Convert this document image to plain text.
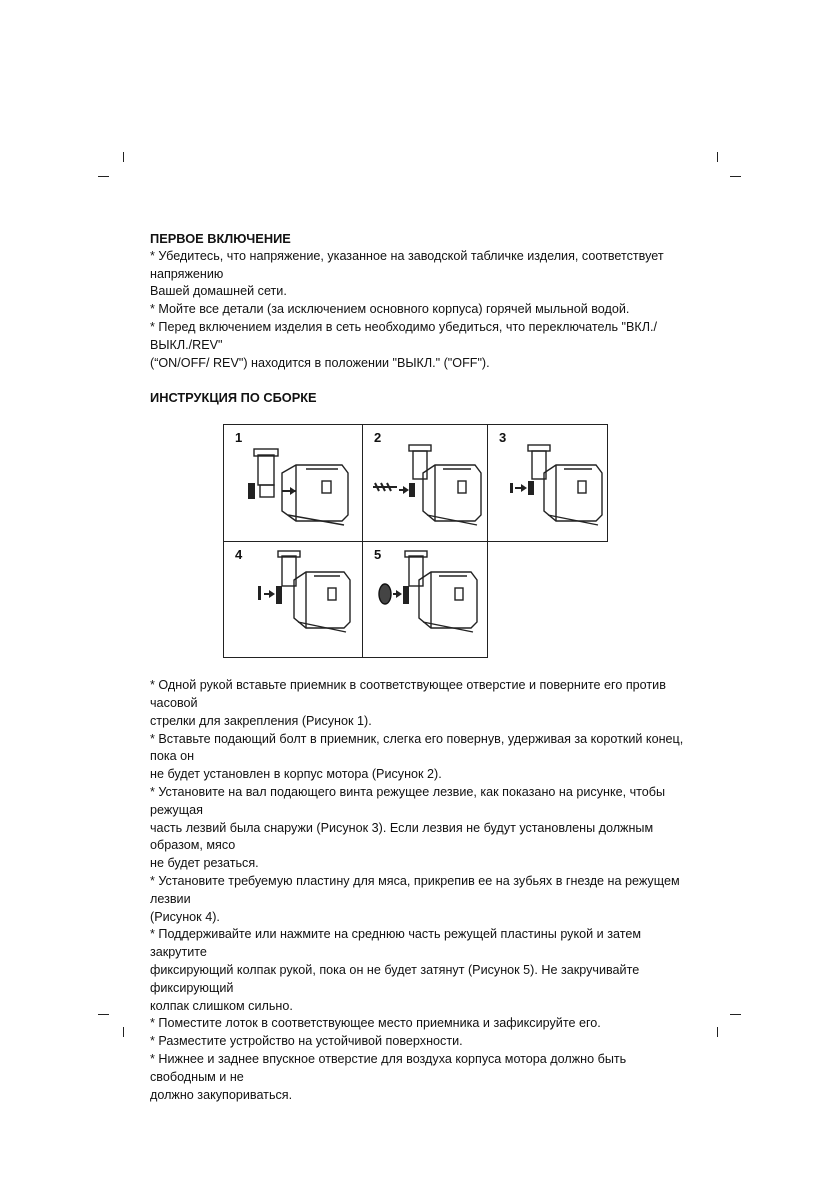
ПЕРВОЕ ВКЛЮЧЕНИЕ

* Убедитесь, что напряжение, указанное на заводской табличке изделия, соответствует напряжению

Вашей домашней сети.

* Мойте все детали (за исключением основного корпуса) горячей мыльной водой.

* Перед включением изделия в сеть необходимо убедиться, что переключатель "ВКЛ./ВЫКЛ./REV"

(“ON/OFF/ REV") находится в положении "ВЫКЛ." ("OFF").

ИНСТРУКЦИЯ ПО СБОРКЕ

1	2	3
4	5

* Одной рукой вставьте приемник в соответствующее отверстие и поверните его против часовой

стрелки для закрепления (Рисунок 1).

* Вставьте подающий болт в приемник, слегка его повернув, удерживая за короткий конец, пока он

не будет установлен в корпус мотора (Рисунок 2).

* Установите на вал подающего винта режущее лезвие, как показано на рисунке, чтобы режущая

часть лезвий была снаружи (Рисунок 3). Если лезвия не будут установлены должным образом, мясо

не будет резаться.

* Установите требуемую пластину для мяса, прикрепив ее на зубьях в гнезде на режущем лезвии

(Рисунок 4).

* Поддерживайте или нажмите на среднюю часть режущей пластины рукой и затем закрутите

фиксирующий колпак рукой, пока он не будет затянут (Рисунок 5). Не закручивайте фиксирующий

колпак слишком сильно.

* Поместите лоток в соответствующее место приемника и зафиксируйте его.

* Разместите устройство на устойчивой поверхности.

* Нижнее и заднее впускное отверстие для воздуха корпуса мотора должно быть свободным и не

должно закупориваться.
